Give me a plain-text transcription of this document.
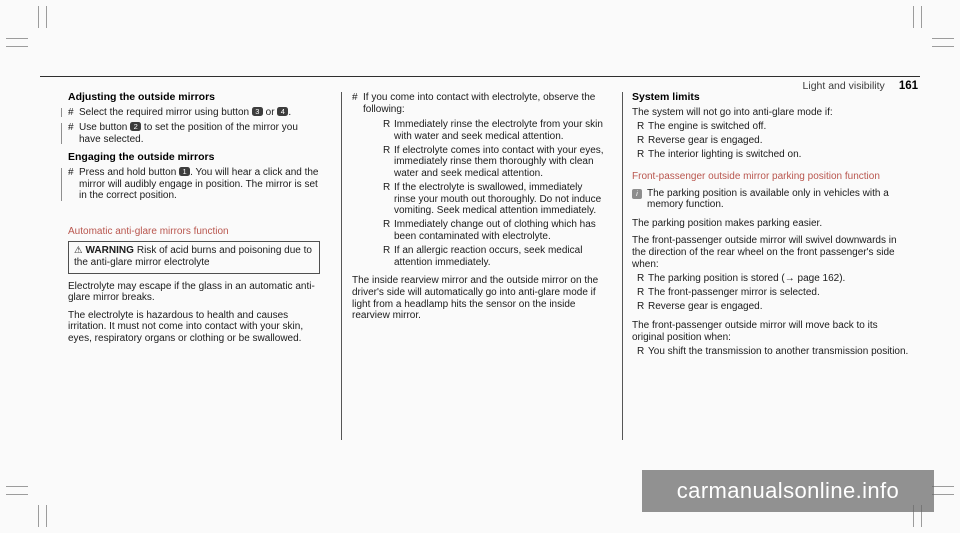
Light and visibility 161
Adjusting the outside mirrors
# Select the required mirror using button 3 or 4 .
# Use button 2 to set the position of the mirror you have selected.
Engaging the outside mirrors
# Press and hold button 1 . You will hear a click and the mirror will audibly engage in position. The mirror is set in the correct position.
Automatic anti-glare mirrors function
⚠ WARNING Risk of acid burns and poisoning due to the anti-glare mirror electrolyte
Electrolyte may escape if the glass in an automatic anti-glare mirror breaks.
The electrolyte is hazardous to health and causes irritation. It must not come into contact with your skin, eyes, respiratory organs or clothing or be swallowed.
# If you come into contact with electrolyte, observe the following:
R Immediately rinse the electrolyte from your skin with water and seek medical attention.
R If electrolyte comes into contact with your eyes, immediately rinse them thoroughly with clean water and seek medical attention.
R If the electrolyte is swallowed, immediately rinse your mouth out thoroughly. Do not induce vomiting. Seek medical attention immediately.
R Immediately change out of clothing which has been contaminated with electrolyte.
R If an allergic reaction occurs, seek medical attention immediately.
The inside rearview mirror and the outside mirror on the driver's side will automatically go into anti-glare mode if light from a headlamp hits the sensor on the inside rearview mirror.
System limits
The system will not go into anti-glare mode if:
R The engine is switched off.
R Reverse gear is engaged.
R The interior lighting is switched on.
Front-passenger outside mirror parking position function
i The parking position is available only in vehicles with a memory function.
The parking position makes parking easier.
The front-passenger outside mirror will swivel downwards in the direction of the rear wheel on the front passenger's side when:
R The parking position is stored (→ page 162).
R The front-passenger mirror is selected.
R Reverse gear is engaged.
The front-passenger outside mirror will move back to its original position when:
R You shift the transmission to another transmission position.
carmanualsonline.info
